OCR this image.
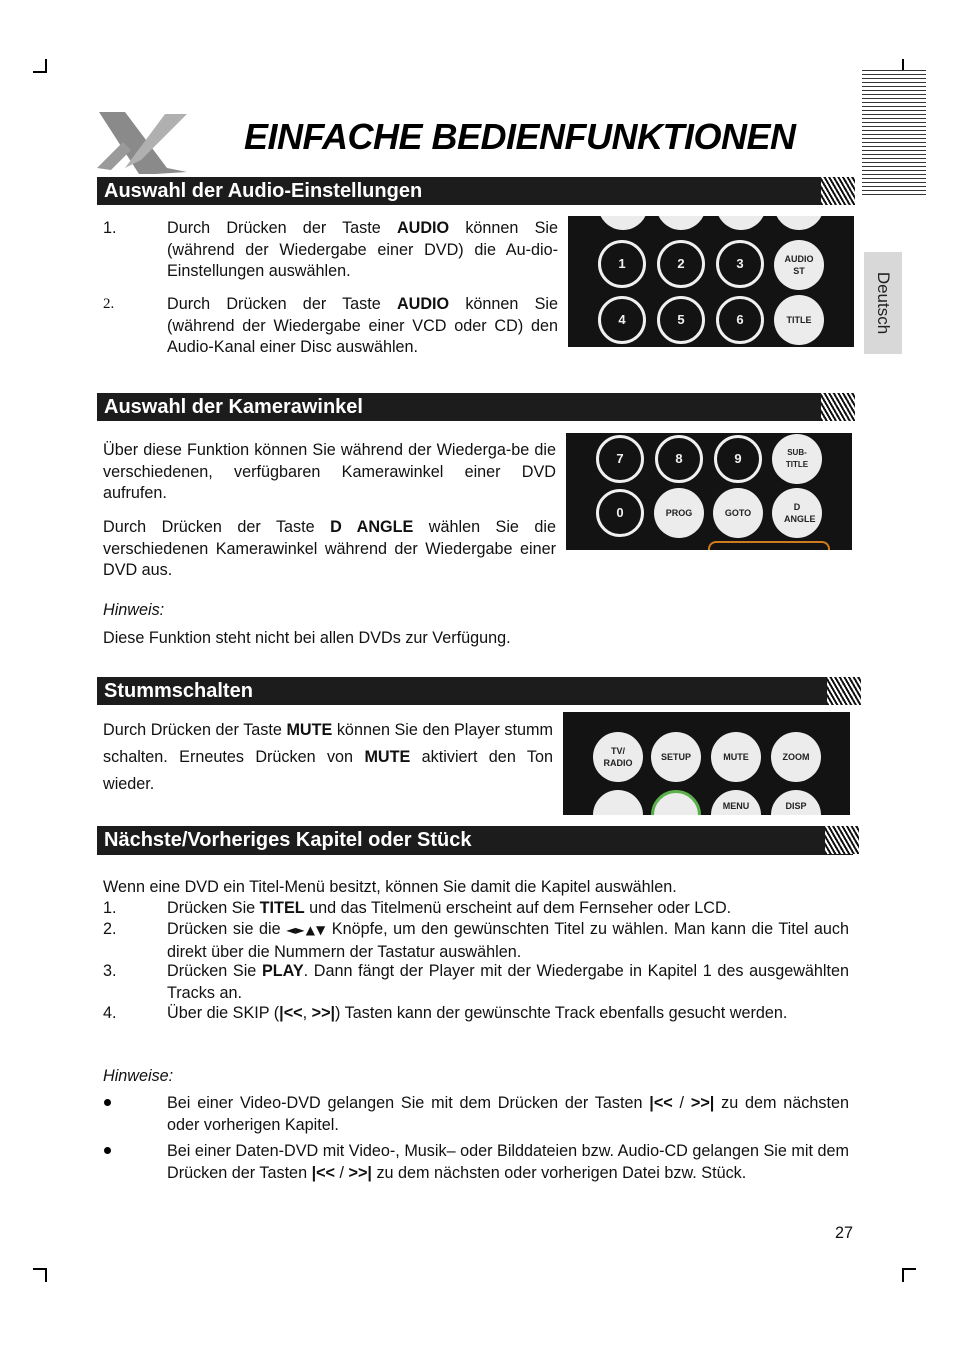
Deutsch
EINFACHE BEDIENFUNKTIONEN
Auswahl der Audio-Einstellungen
1.	Durch Drücken der Taste AUDIO können Sie (während der Wiedergabe einer DVD) die Au-dio-Einstellungen auswählen.
2.	Durch Drücken der Taste AUDIO können Sie (während der Wiedergabe einer VCD oder CD) den Audio-Kanal einer Disc auswählen.
1	2	3	AUDIO ST
4	5	6	TITLE
Auswahl der Kamerawinkel
Über diese Funktion können Sie während der Wiederga-be die verschiedenen, verfügbaren Kamerawinkel einer DVD aufrufen.
Durch Drücken der Taste D ANGLE wählen Sie die verschiedenen Kamerawinkel während der Wiedergabe einer DVD aus.
Hinweis:
Diese Funktion steht nicht bei allen DVDs zur Verfügung.
7	8	9	SUB-TITLE
0	PROG	GOTO
D ANGLE
Stummschalten
Durch Drücken der Taste MUTE können Sie den Player stumm schalten. Erneutes Drücken von MUTE aktiviert den Ton wieder.
TV/ RADIO
SETUP	MUTE	ZOOM
MENU	DISP
Nächste/Vorheriges Kapitel oder Stück
Wenn eine DVD ein Titel-Menü besitzt, können Sie damit die Kapitel auswählen.
1.	Drücken Sie TITEL und das Titelmenü erscheint auf dem Fernseher oder LCD.
2.	Drücken sie die ◄►▲▼ Knöpfe, um den gewünschten Titel zu wählen. Man kann die Titel auch direkt über die Nummern der Tastatur auswählen.
3.	Drücken Sie PLAY. Dann fängt der Player mit der Wiedergabe in Kapitel 1 des ausgewählten Tracks an.
4.	Über die SKIP (|<<, >>|) Tasten kann der gewünschte Track ebenfalls gesucht werden.
Hinweise:
Bei einer Video-DVD gelangen Sie mit dem Drücken der Tasten |<< / >>| zu dem nächsten oder vorherigen Kapitel.
Bei einer Daten-DVD mit Video-, Musik– oder Bilddateien bzw. Audio-CD gelangen Sie mit dem Drücken der Tasten |<< / >>| zu dem nächsten oder vorherigen Datei bzw. Stück.
27
